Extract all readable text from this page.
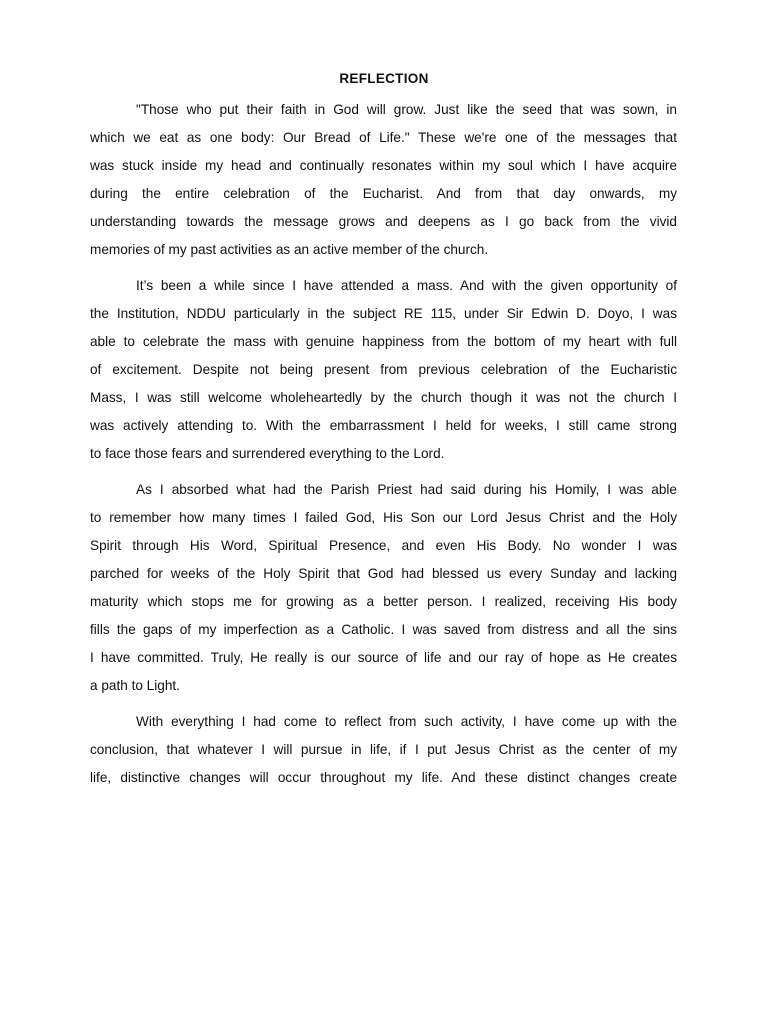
REFLECTION
"Those who put their faith in God will grow. Just like the seed that was sown, in
which we eat as one body: Our Bread of Life." These we're one of the messages that
was stuck inside my head and continually resonates within my soul which I have acquire
during the entire celebration of the Eucharist. And from that day onwards, my
understanding towards the message grows and deepens as I go back from the vivid
memories of my past activities as an active member of the church.
It’s been a while since I have attended a mass. And with the given opportunity of
the Institution, NDDU particularly in the subject RE 115, under Sir Edwin D. Doyo, I was
able to celebrate the mass with genuine happiness from the bottom of my heart with full
of excitement. Despite not being present from previous celebration of the Eucharistic
Mass, I was still welcome wholeheartedly by the church though it was not the church I
was actively attending to. With the embarrassment I held for weeks, I still came strong
to face those fears and surrendered everything to the Lord.
As I absorbed what had the Parish Priest had said during his Homily, I was able
to remember how many times I failed God, His Son our Lord Jesus Christ and the Holy
Spirit through His Word, Spiritual Presence, and even His Body. No wonder I was
parched for weeks of the Holy Spirit that God had blessed us every Sunday and lacking
maturity which stops me for growing as a better person. I realized, receiving His body
fills the gaps of my imperfection as a Catholic. I was saved from distress and all the sins
I have committed. Truly, He really is our source of life and our ray of hope as He creates
a path to Light.
With everything I had come to reflect from such activity, I have come up with the
conclusion, that whatever I will pursue in life, if I put Jesus Christ as the center of my
life, distinctive changes will occur throughout my life. And these distinct changes create
